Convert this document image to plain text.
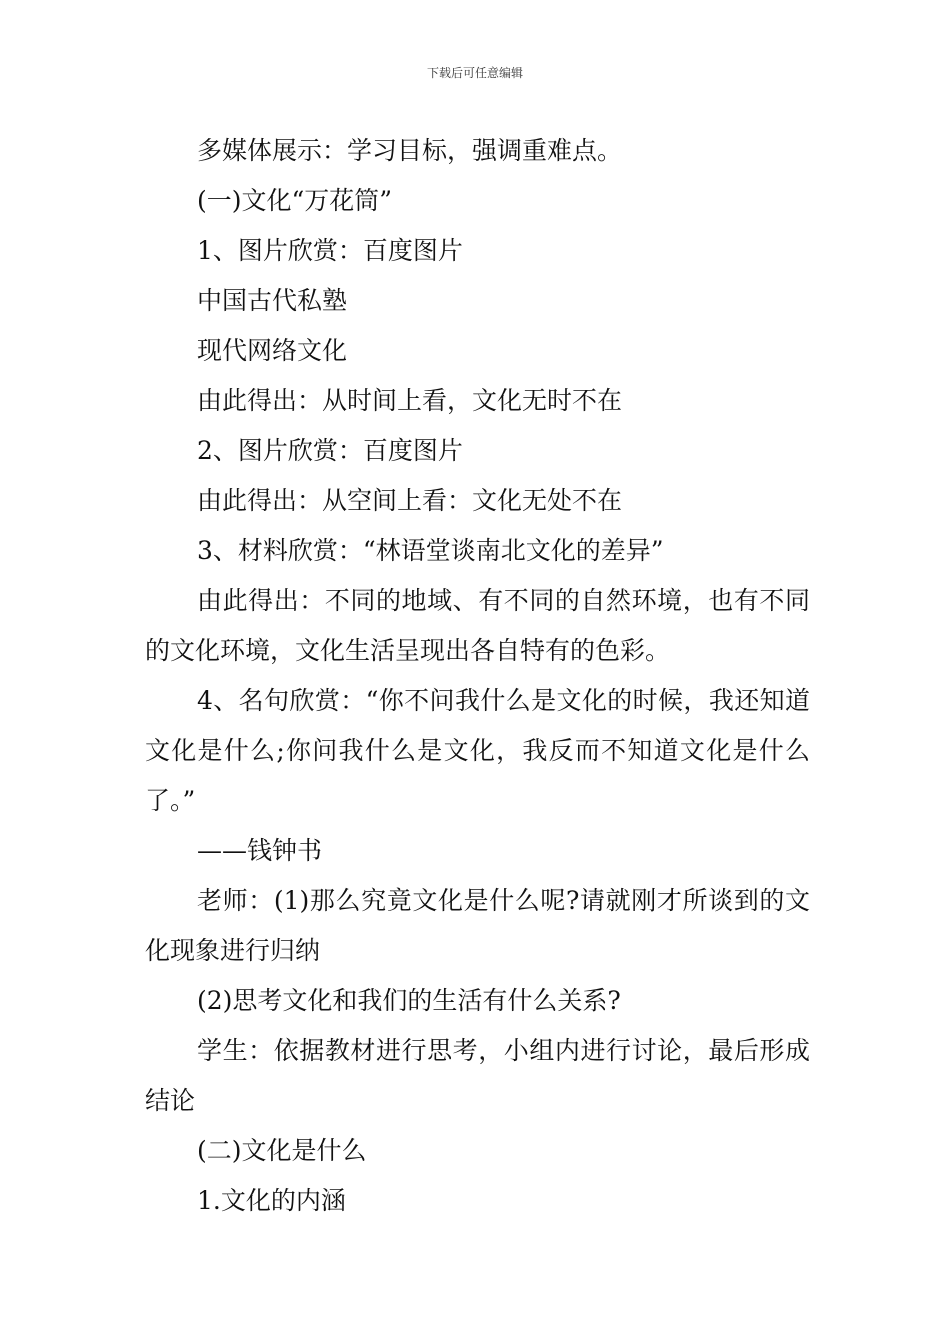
下载后可任意编辑

多媒体展示：学习目标，强调重难点。

(一)文化“万花筒”

1、图片欣赏：百度图片

中国古代私塾

现代网络文化

由此得出：从时间上看，文化无时不在

2、图片欣赏：百度图片

由此得出：从空间上看：文化无处不在

3、材料欣赏：“林语堂谈南北文化的差异”

由此得出：不同的地域、有不同的自然环境，也有不同的文化环境，文化生活呈现出各自特有的色彩。

4、名句欣赏：“你不问我什么是文化的时候，我还知道文化是什么;你问我什么是文化，我反而不知道文化是什么了。”

——钱钟书

老师：(1)那么究竟文化是什么呢?请就刚才所谈到的文化现象进行归纳

(2)思考文化和我们的生活有什么关系?

学生：依据教材进行思考，小组内进行讨论，最后形成结论

(二)文化是什么

1.文化的内涵
